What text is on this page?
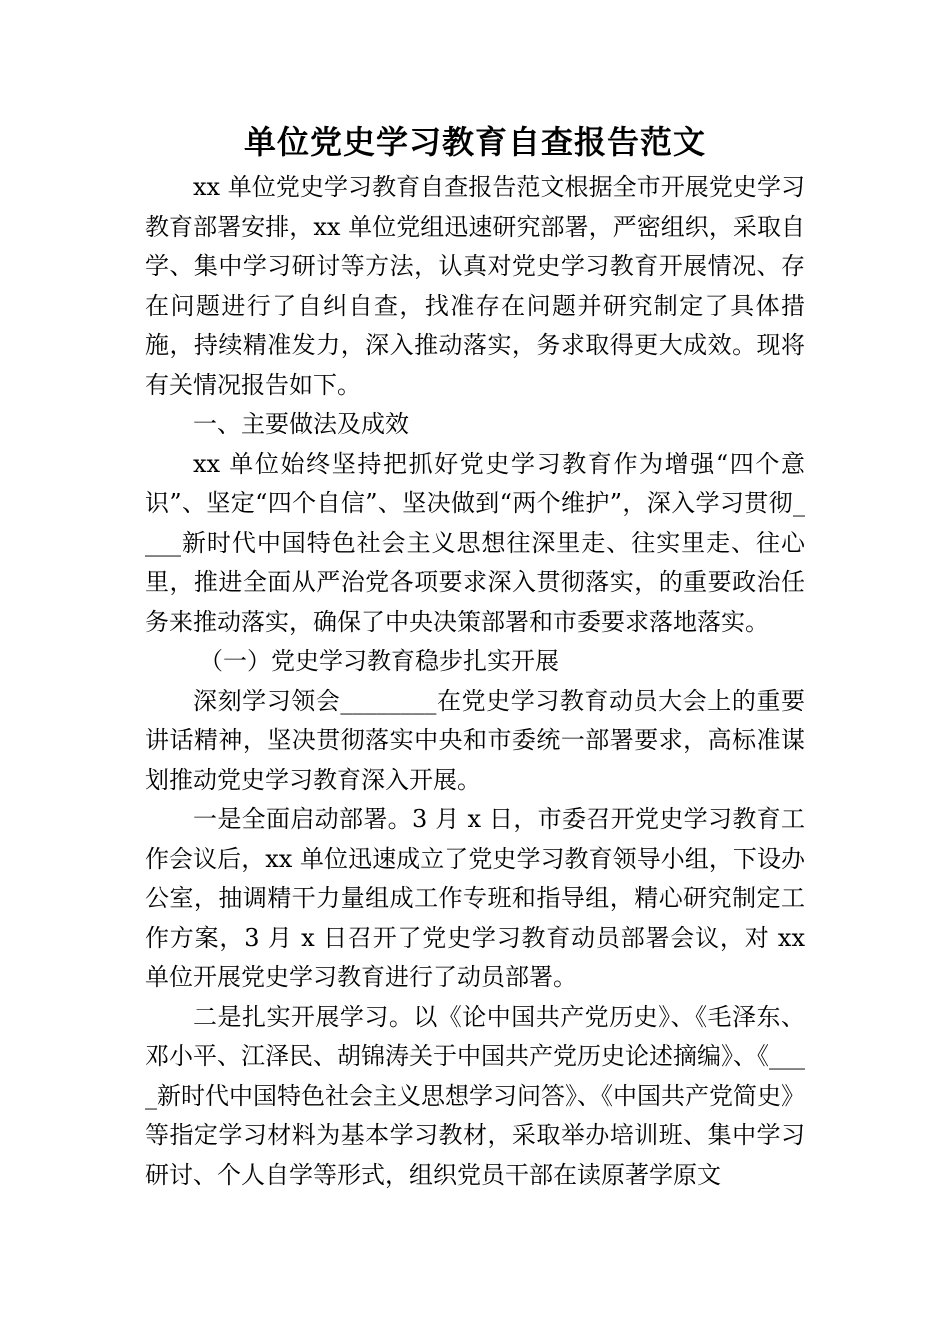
单位党史学习教育自查报告范文

xx 单位党史学习教育自查报告范文根据全市开展党史学习教育部署安排，xx 单位党组迅速研究部署，严密组织，采取自学、集中学习研讨等方法，认真对党史学习教育开展情况、存在问题进行了自纠自查，找准存在问题并研究制定了具体措施，持续精准发力，深入推动落实，务求取得更大成效。现将有关情况报告如下。

一、主要做法及成效

xx 单位始终坚持把抓好党史学习教育作为增强“四个意识”、坚定“四个自信”、坚决做到“两个维护”，深入学习贯彻____新时代中国特色社会主义思想往深里走、往实里走、往心里，推进全面从严治党各项要求深入贯彻落实，的重要政治任务来推动落实，确保了中央决策部署和市委要求落地落实。

（一）党史学习教育稳步扎实开展

深刻学习领会________在党史学习教育动员大会上的重要讲话精神，坚决贯彻落实中央和市委统一部署要求，高标准谋划推动党史学习教育深入开展。

一是全面启动部署。3 月 x 日，市委召开党史学习教育工作会议后，xx 单位迅速成立了党史学习教育领导小组，下设办公室，抽调精干力量组成工作专班和指导组，精心研究制定工作方案，3 月 x 日召开了党史学习教育动员部署会议，对 xx 单位开展党史学习教育进行了动员部署。

二是扎实开展学习。以《论中国共产党历史》、《毛泽东、邓小平、江泽民、胡锦涛关于中国共产党历史论述摘编》、《____新时代中国特色社会主义思想学习问答》、《中国共产党简史》等指定学习材料为基本学习教材，采取举办培训班、集中学习研讨、个人自学等形式，组织党员干部在读原著学原文
